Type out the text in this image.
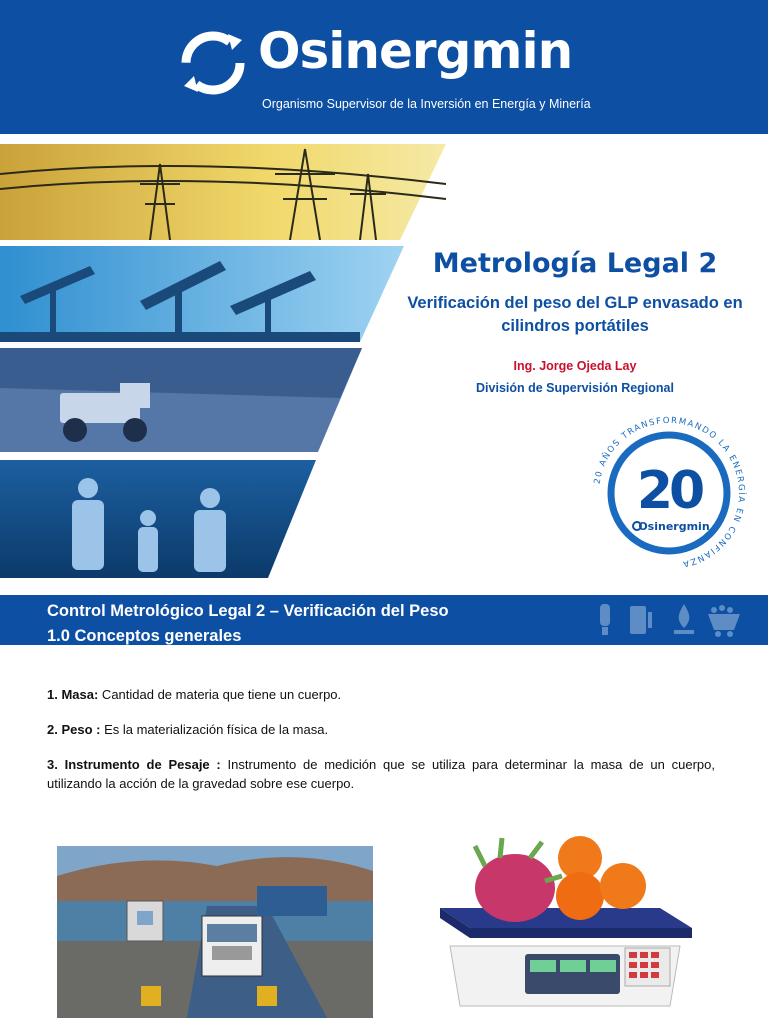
Osinergmin
Organismo Supervisor de la Inversión en Energía y Minería
Metrología Legal 2
Verificación del peso del GLP envasado en cilindros portátiles
Ing. Jorge Ojeda Lay
División de Supervisión Regional
20 AÑOS TRANSFORMANDO LA ENERGÍA EN CONFIANZA
20
Osinergmin
Control Metrológico Legal 2 – Verificación del Peso
1.0 Conceptos generales

1. Masa: Cantidad de materia que tiene un cuerpo.

2. Peso : Es la materialización física de la masa.

3. Instrumento de Pesaje : Instrumento de medición que se utiliza para determinar la masa de un cuerpo, utilizando la acción de la gravedad sobre ese cuerpo.
